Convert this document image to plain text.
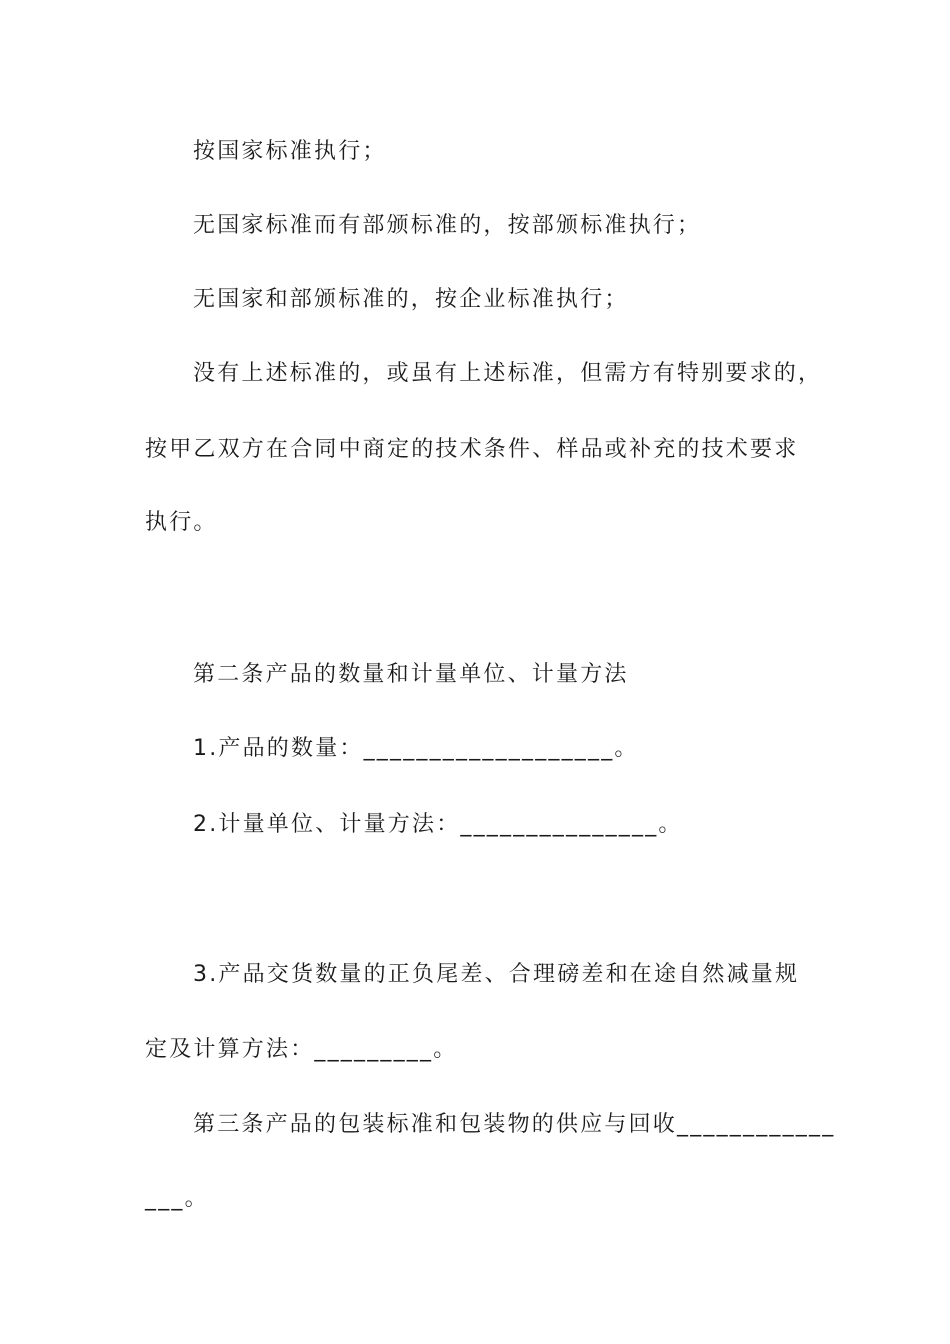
按国家标准执行；
无国家标准而有部颁标准的，按部颁标准执行；
无国家和部颁标准的，按企业标准执行；
没有上述标准的，或虽有上述标准，但需方有特别要求的，
按甲乙双方在合同中商定的技术条件、样品或补充的技术要求
执行。
第二条产品的数量和计量单位、计量方法
1.产品的数量：___________________。
2.计量单位、计量方法：_______________。
3.产品交货数量的正负尾差、合理磅差和在途自然减量规
定及计算方法：_________。
第三条产品的包装标准和包装物的供应与回收____________
___。
